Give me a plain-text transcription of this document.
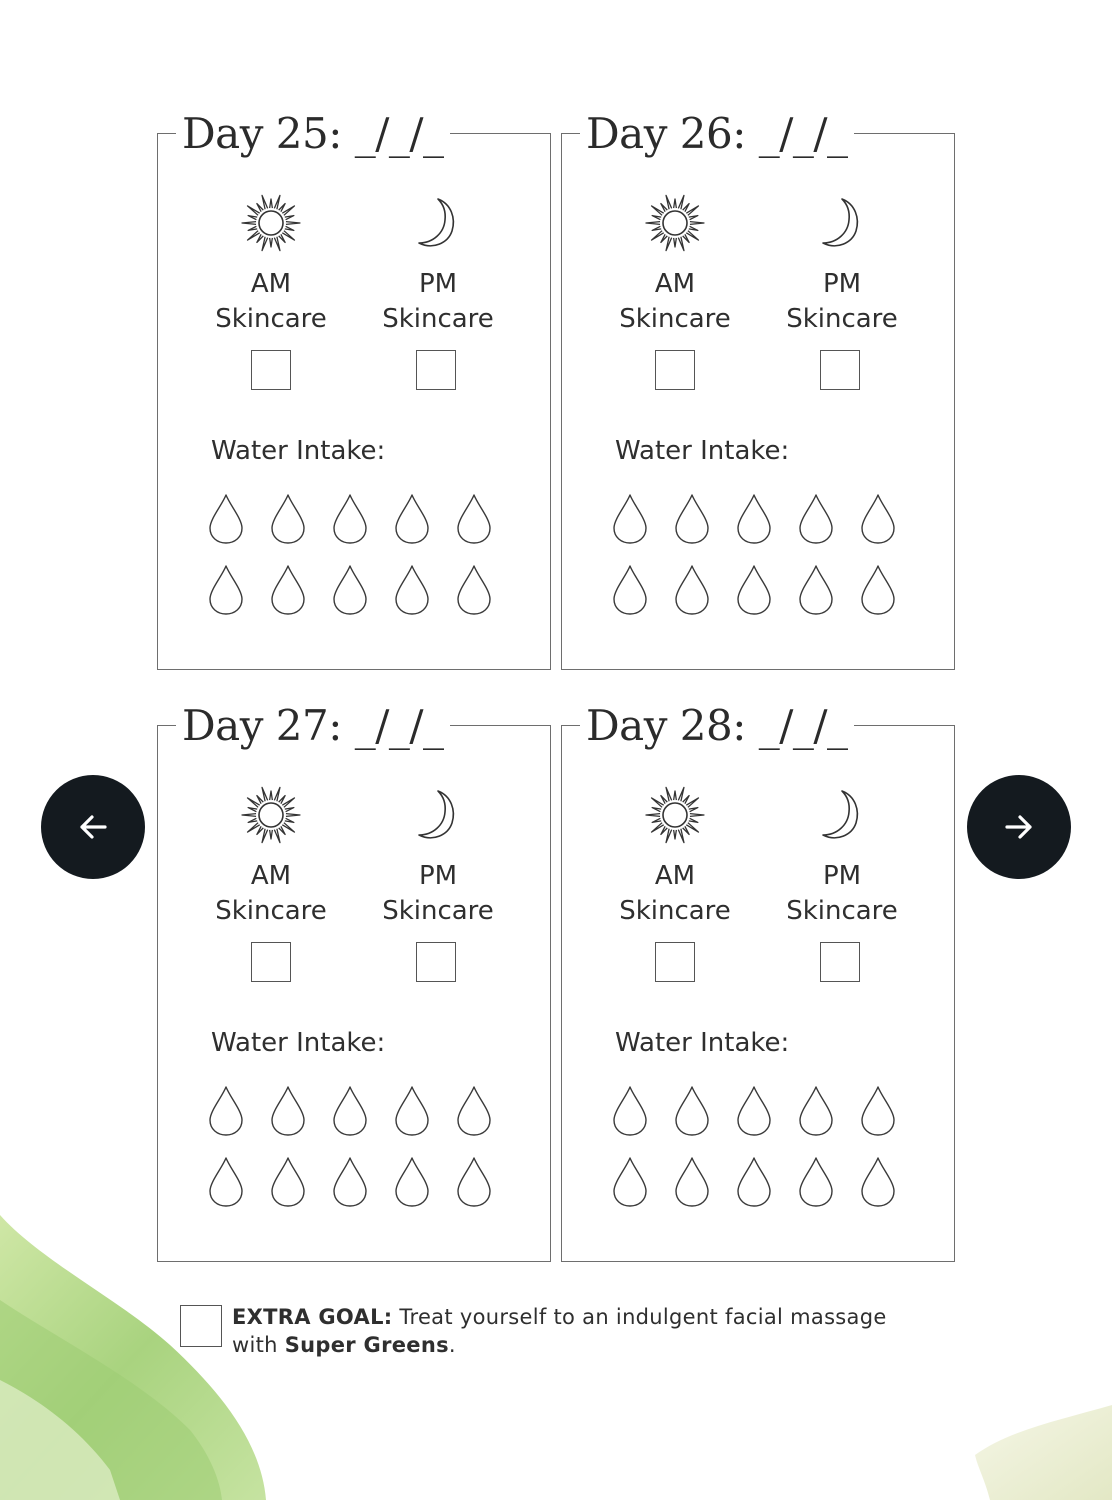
Day 25: _/_/_
AM
Skincare
PM
Skincare
Water Intake:
Day 26: _/_/_
AM
Skincare
PM
Skincare
Water Intake:
Day 27: _/_/_
AM
Skincare
PM
Skincare
Water Intake:
Day 28: _/_/_
AM
Skincare
PM
Skincare
Water Intake:
EXTRA GOAL: Treat yourself to an indulgent facial massage with Super Greens.
